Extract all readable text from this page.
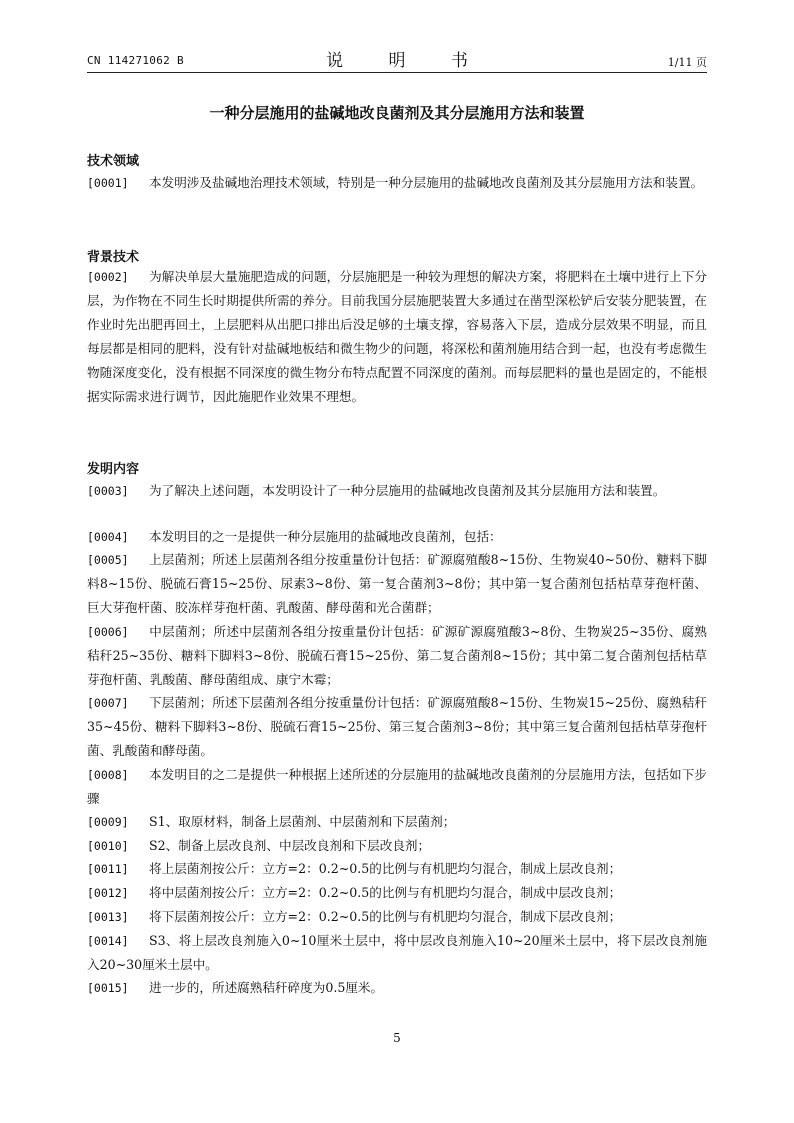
CN 114271062 B	说 明 书	1/11 页
一种分层施用的盐碱地改良菌剂及其分层施用方法和装置
技术领域
[0001] 本发明涉及盐碱地治理技术领域，特别是一种分层施用的盐碱地改良菌剂及其分层施用方法和装置。
背景技术
[0002] 为解决单层大量施肥造成的问题，分层施肥是一种较为理想的解决方案，将肥料在土壤中进行上下分层，为作物在不同生长时期提供所需的养分。目前我国分层施肥装置大多通过在凿型深松铲后安装分肥装置，在作业时先出肥再回土，上层肥料从出肥口排出后没足够的土壤支撑，容易落入下层，造成分层效果不明显，而且每层都是相同的肥料，没有针对盐碱地板结和微生物少的问题，将深松和菌剂施用结合到一起，也没有考虑微生物随深度变化，没有根据不同深度的微生物分布特点配置不同深度的菌剂。而每层肥料的量也是固定的，不能根据实际需求进行调节，因此施肥作业效果不理想。
发明内容
[0003] 为了解决上述问题，本发明设计了一种分层施用的盐碱地改良菌剂及其分层施用方法和装置。
[0004] 本发明目的之一是提供一种分层施用的盐碱地改良菌剂，包括：
[0005] 上层菌剂；所述上层菌剂各组分按重量份计包括：矿源腐殖酸8~15份、生物炭40~50份、糖料下脚料8~15份、脱硫石膏15~25份、尿素3~8份、第一复合菌剂3~8份；其中第一复合菌剂包括枯草芽孢杆菌、巨大芽孢杆菌、胶冻样芽孢杆菌、乳酸菌、酵母菌和光合菌群；
[0006] 中层菌剂；所述中层菌剂各组分按重量份计包括：矿源矿源腐殖酸3~8份、生物炭25~35份、腐熟秸秆25~35份、糖料下脚料3~8份、脱硫石膏15~25份、第二复合菌剂8~15份；其中第二复合菌剂包括枯草芽孢杆菌、乳酸菌、酵母菌组成、康宁木霉；
[0007] 下层菌剂；所述下层菌剂各组分按重量份计包括：矿源腐殖酸8~15份、生物炭15~25份、腐熟秸秆35~45份、糖料下脚料3~8份、脱硫石膏15~25份、第三复合菌剂3~8份；其中第三复合菌剂包括枯草芽孢杆菌、乳酸菌和酵母菌。
[0008] 本发明目的之二是提供一种根据上述所述的分层施用的盐碱地改良菌剂的分层施用方法，包括如下步骤
[0009] S1、取原材料，制备上层菌剂、中层菌剂和下层菌剂；
[0010] S2、制备上层改良剂、中层改良剂和下层改良剂；
[0011] 将上层菌剂按公斤：立方=2：0.2~0.5的比例与有机肥均匀混合，制成上层改良剂；
[0012] 将中层菌剂按公斤：立方=2：0.2~0.5的比例与有机肥均匀混合，制成中层改良剂；
[0013] 将下层菌剂按公斤：立方=2：0.2~0.5的比例与有机肥均匀混合，制成下层改良剂；
[0014] S3、将上层改良剂施入0~10厘米土层中，将中层改良剂施入10~20厘米土层中，将下层改良剂施入20~30厘米土层中。
[0015] 进一步的，所述腐熟秸秆碎度为0.5厘米。
5
